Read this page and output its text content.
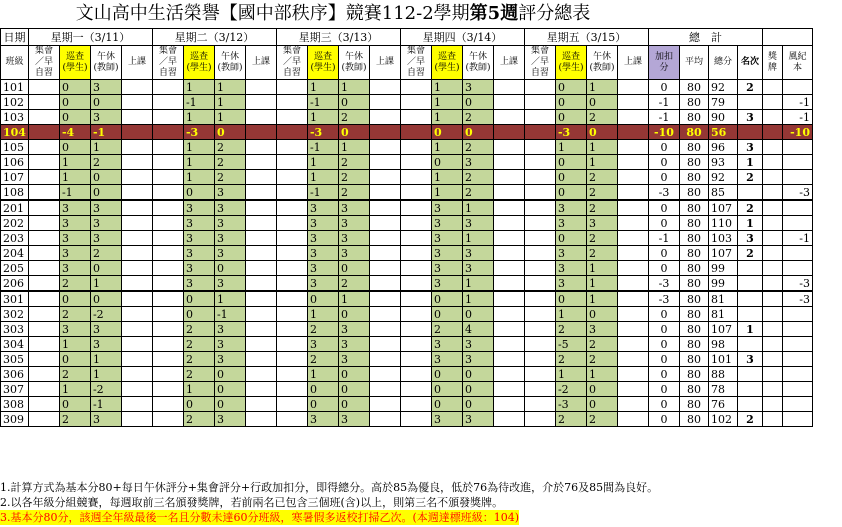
文山高中生活榮譽【國中部秩序】競賽112-2學期第5週評分總表
日期	星期一（3/11）				星期二（3/12）				星期三（3/13）				星期四（3/14）				星期五（3/15）				總　計					
班級	集會／早自習	巡查(學生)	午休(教師)	上課	集會／早自習	巡查(學生)	午休(教師)	上課	集會／早自習	巡查(學生)	午休(教師)	上課	集會／早自習	巡查(學生)	午休(教師)	上課	集會／早自習	巡查(學生)	午休(教師)	上課	加扣分	平均	總分	名次	獎牌	風紀本
101		0	3			1	1			1	1			1	3			0	1		0	80	92	2		
102		0	0			-1	1			-1	0			1	0			0	0		-1	80	79			-1
103		0	3			1	1			1	2			1	2			0	2		-1	80	90	3		-1
104		-4	-1			-3	0			-3	0			0	0			-3	0		-10	80	56			-10
105		0	1			1	2			-1	1			1	2			1	1		0	80	96	3		
106		1	2			1	2			1	2			0	3			0	1		0	80	93	1		
107		1	0			1	2			1	2			1	2			0	2		0	80	92	2		
108		-1	0			0	3			-1	2			1	2			0	2		-3	80	85			-3
201		3	3			3	3			3	3			3	1			3	2		0	80	107	2		
202		3	3			3	3			3	3			3	3			3	3		0	80	110	1		
203		3	3			3	3			3	3			3	1			0	2		-1	80	103	3		-1
204		3	2			3	3			3	3			3	3			3	2		0	80	107	2		
205		3	0			3	0			3	0			3	3			3	1		0	80	99			
206		2	1			3	3			3	2			3	1			3	1		-3	80	99			-3
301		0	0			0	1			0	1			0	1			0	1		-3	80	81			-3
302		2	-2			0	-1			1	0			0	0			1	0		0	80	81			
303		3	3			2	3			2	3			2	4			2	3		0	80	107	1		
304		1	3			2	3			3	3			3	3			-5	2		0	80	98			
305		0	1			2	3			2	3			3	3			2	2		0	80	101	3		
306		2	1			2	0			1	0			0	0			1	1		0	80	88			
307		1	-2			1	0			0	0			0	0			-2	0		0	80	78			
308		0	-1			0	0			0	0			0	0			-3	0		0	80	76			
309		2	3			2	3			3	3			3	3			2	2		0	80	102	2		
1.計算方式為基本分80+每日午休評分+集會評分+行政加扣分，即得總分。高於85為優良，低於76為待改進，介於76及85間為良好。
2.以各年級分組競賽，每週取前三名頒發獎牌，若前兩名已包含三個班(含)以上，則第三名不頒發獎牌。
3.基本分80分，該週全年級最後一名且分數未達60分班級，寒暑假多返校打掃乙次。(本週達標班級：104)
